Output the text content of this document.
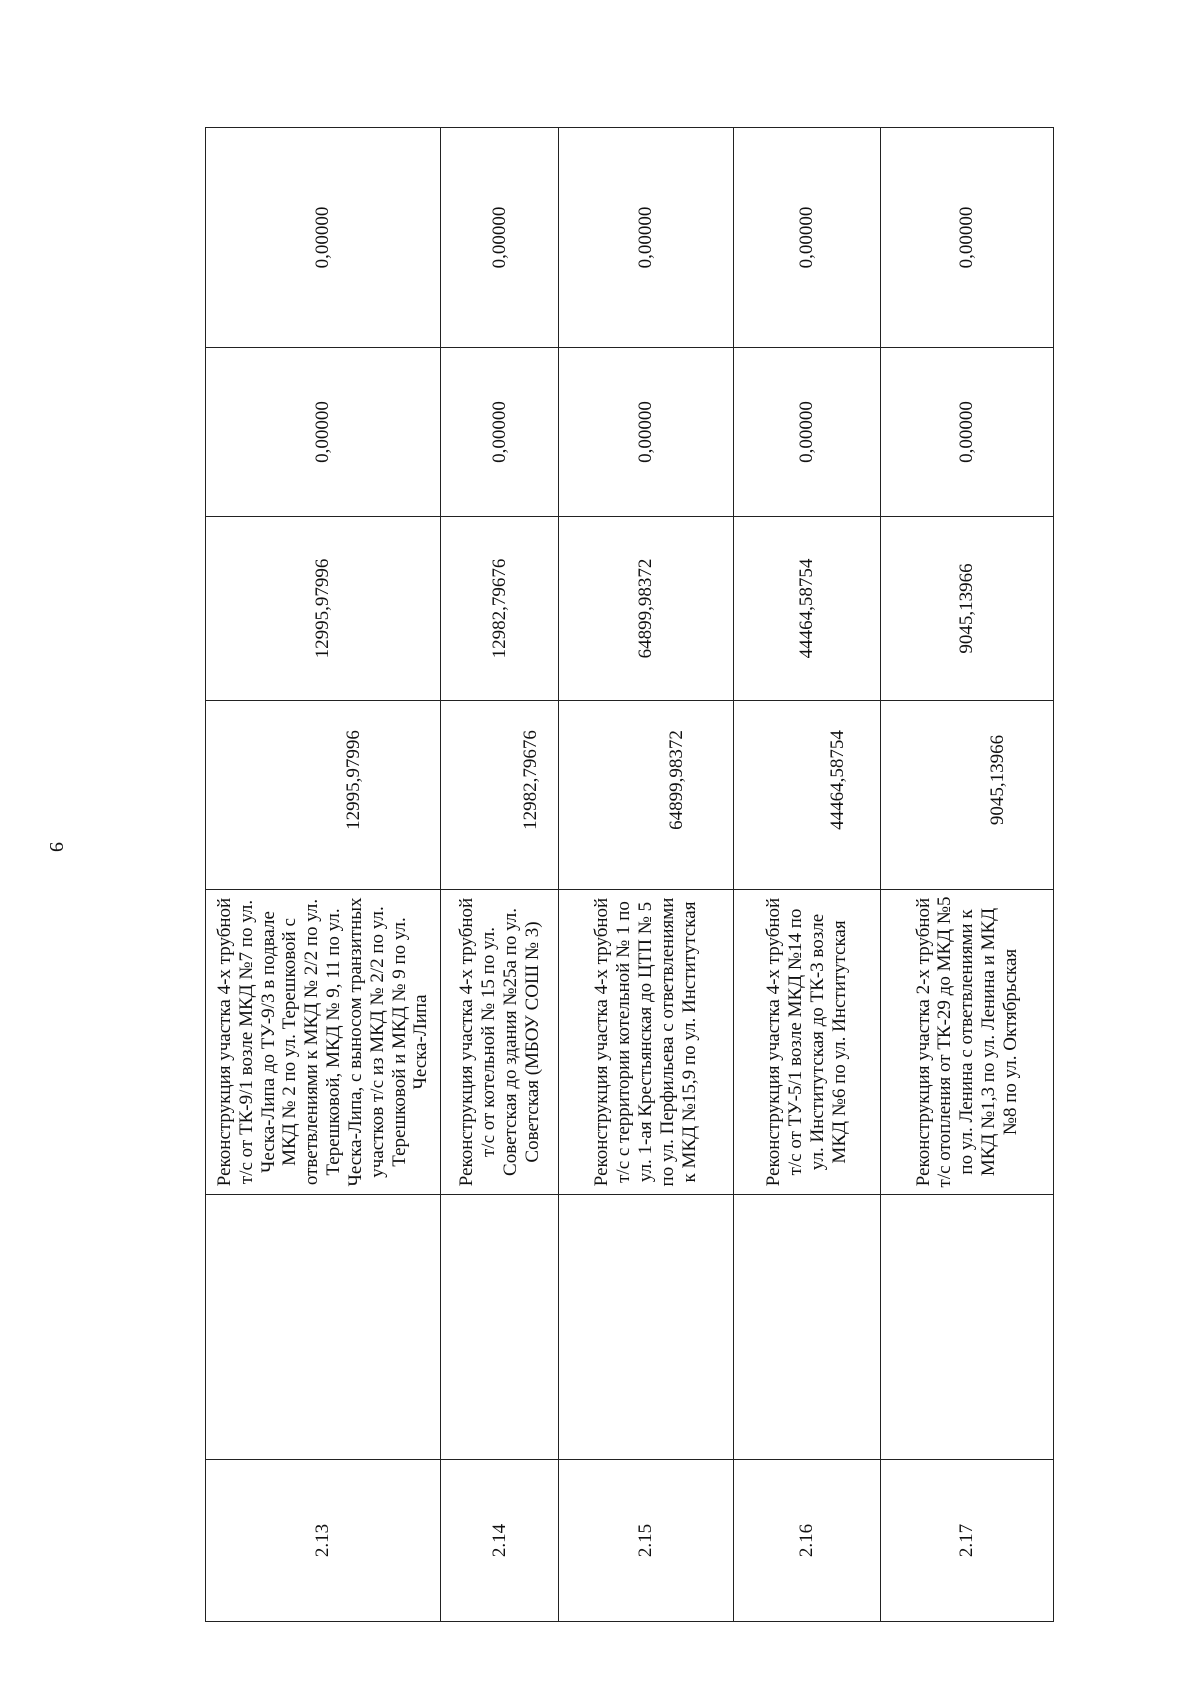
9
2.13		Реконструкция участка 4-х трубной т/с от ТК-9/1 возле МКД №7 по ул. Ческа-Липа до ТУ-9/3 в подвале МКД № 2 по ул. Терешковой с ответвлениями к МКД № 2/2 по ул. Терешковой, МКД № 9, 11 по ул. Ческа-Липа, с выносом транзитных участков т/с из МКД № 2/2 по ул. Терешковой и МКД № 9 по ул. Ческа-Липа	12995,97996	12995,97996	0,00000	0,00000
2.14		Реконструкция участка 4-х трубной т/с от котельной № 15 по ул. Советская до здания №25а по ул. Советская (МБОУ СОШ № 3)	12982,79676	12982,79676	0,00000	0,00000
2.15		Реконструкция участка 4-х трубной т/с с территории котельной № 1 по ул. 1-ая Крестьянская до ЦТП № 5 по ул. Перфильева с ответвлениями к МКД №15,9 по ул. Институтская	64899,98372	64899,98372	0,00000	0,00000
2.16		Реконструкция участка 4-х трубной т/с от ТУ-5/1 возле МКД №14 по ул. Институтская до ТК-3 возле МКД №6 по ул. Институтская	44464,58754	44464,58754	0,00000	0,00000
2.17		Реконструкция участка 2-х трубной т/с отопления от ТК-29 до МКД №5 по ул. Ленина с ответвлениями к МКД №1,3 по ул. Ленина и МКД №8 по ул. Октябрьская	9045,13966	9045,13966	0,00000	0,00000
